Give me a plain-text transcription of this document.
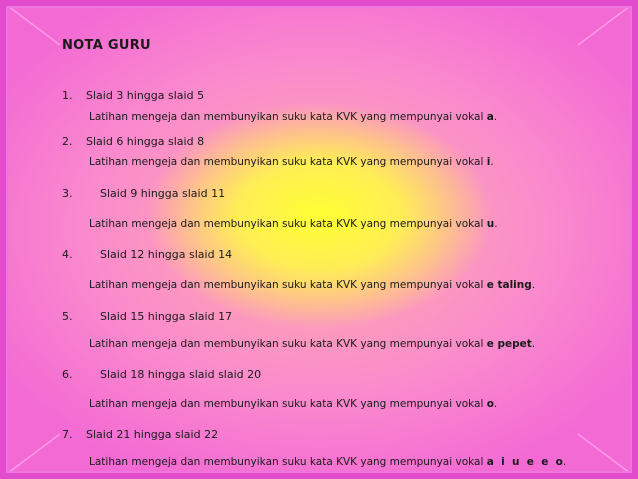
NOTA GURU
1. Slaid 3 hingga slaid 5
Latihan mengeja dan membunyikan suku kata KVK yang mempunyai vokal a.
2. Slaid 6 hingga slaid 8
Latihan mengeja dan membunyikan suku kata KVK yang mempunyai vokal i.
3.	Slaid 9 hingga slaid 11
Latihan mengeja dan membunyikan suku kata KVK yang mempunyai vokal u.
4.	Slaid 12 hingga slaid 14
Latihan mengeja dan membunyikan suku kata KVK yang mempunyai vokal e taling.
5.	Slaid 15 hingga slaid 17
Latihan mengeja dan membunyikan suku kata KVK yang mempunyai vokal e pepet.
6.	Slaid 18 hingga slaid slaid 20
Latihan mengeja dan membunyikan suku kata KVK yang mempunyai vokal o.
7. Slaid 21 hingga slaid 22
Latihan mengeja dan membunyikan suku kata KVK yang mempunyai vokal a  i  u  e  e  o.
